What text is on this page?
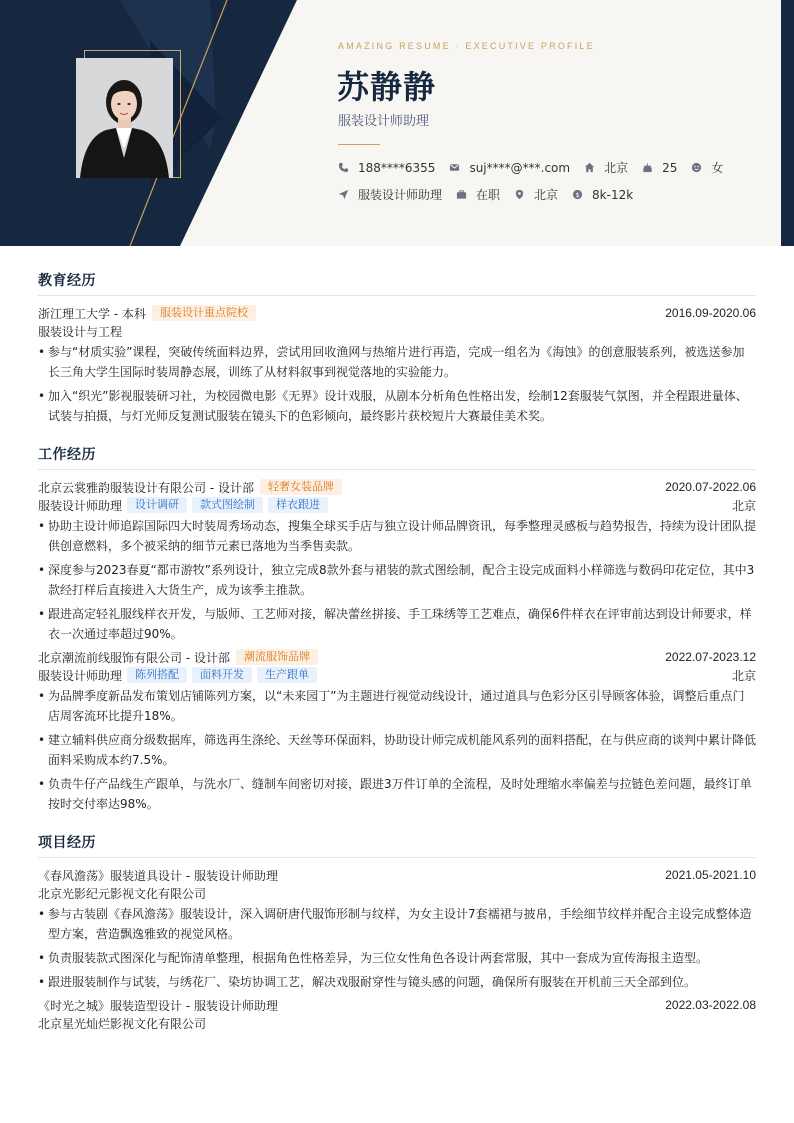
AMAZING RESUME · EXECUTIVE PROFILE
苏静静
服装设计师助理
188****6355	suj****@***.com	北京	25	女
服装设计师助理	在职	北京 $ 8k-12k
教育经历
浙江理工大学 - 本科	服装设计重点院校	2016.09-2020.06
服装设计与工程
• 参与“材质实验”课程，突破传统面料边界，尝试用回收渔网与热缩片进行再造，完成一组名为《海蚀》的创意服装系列，被选送参加长三角大学生国际时装周静态展，训练了从材料叙事到视觉落地的实验能力。
• 加入“织光”影视服装研习社，为校园微电影《无界》设计戏服，从剧本分析角色性格出发，绘制12套服装气氛图，并全程跟进量体、试装与拍摄，与灯光师反复测试服装在镜头下的色彩倾向，最终影片获校短片大赛最佳美术奖。
工作经历
北京云裳雅韵服装设计有限公司 - 设计部	轻奢女装品牌	2020.07-2022.06
服装设计师助理	设计调研	款式图绘制	样衣跟进	北京
• 协助主设计师追踪国际四大时装周秀场动态，搜集全球买手店与独立设计师品牌资讯，每季整理灵感板与趋势报告，持续为设计团队提供创意燃料，多个被采纳的细节元素已落地为当季售卖款。
• 深度参与2023春夏“都市游牧”系列设计，独立完成8款外套与裙装的款式图绘制，配合主设完成面料小样筛选与数码印花定位，其中3款经打样后直接进入大货生产，成为该季主推款。
• 跟进高定轻礼服线样衣开发，与版师、工艺师对接，解决蕾丝拼接、手工珠绣等工艺难点，确保6件样衣在评审前达到设计师要求，样衣一次通过率超过90%。
北京潮流前线服饰有限公司 - 设计部	潮流服饰品牌	2022.07-2023.12
服装设计师助理	陈列搭配	面料开发	生产跟单	北京
• 为品牌季度新品发布策划店铺陈列方案，以“未来园丁”为主题进行视觉动线设计，通过道具与色彩分区引导顾客体验，调整后重点门店周客流环比提升18%。
• 建立辅料供应商分级数据库，筛选再生涤纶、天丝等环保面料，协助设计师完成机能风系列的面料搭配，在与供应商的谈判中累计降低面料采购成本约7.5%。
• 负责牛仔产品线生产跟单，与洗水厂、缝制车间密切对接，跟进3万件订单的全流程，及时处理缩水率偏差与拉链色差问题，最终订单按时交付率达98%。
项目经历
《春风澹荡》服装道具设计 - 服装设计师助理	2021.05-2021.10
北京光影纪元影视文化有限公司
• 参与古装剧《春风澹荡》服装设计，深入调研唐代服饰形制与纹样，为女主设计7套襦裙与披帛，手绘细节纹样并配合主设完成整体造型方案，营造飘逸雅致的视觉风格。
• 负责服装款式图深化与配饰清单整理，根据角色性格差异，为三位女性角色各设计两套常服，其中一套成为宣传海报主造型。
• 跟进服装制作与试装，与绣花厂、染坊协调工艺，解决戏服耐穿性与镜头感的问题，确保所有服装在开机前三天全部到位。
《时光之城》服装造型设计 - 服装设计师助理	2022.03-2022.08
北京星光灿烂影视文化有限公司
